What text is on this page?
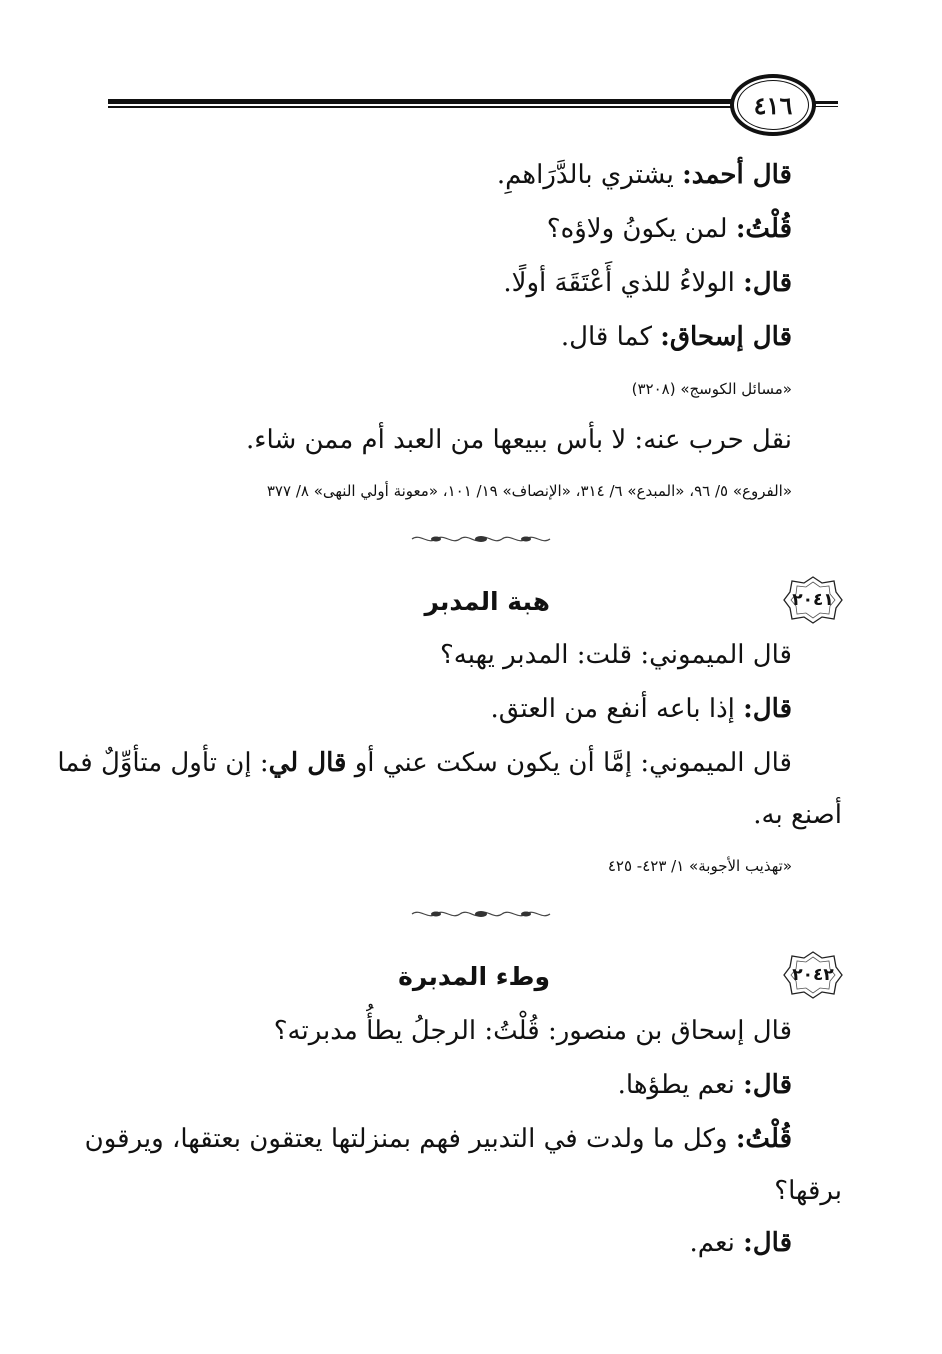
٤١٦
قال أحمد: يشتري بالدَّرَاهمِ.
قُلْتُ: لمن يكونُ ولاؤه؟
قال: الولاءُ للذي أَعْتَقَهَ أولًا.
قال إسحاق: كما قال.
«مسائل الكوسج» (٣٢٠٨)
نقل حرب عنه: لا بأس ببيعها من العبد أم ممن شاء.
«الفروع» ٥/ ٩٦، «المبدع» ٦/ ٣١٤، «الإنصاف» ١٩/ ١٠١، «معونة أولي النهى» ٨/ ٣٧٧
٢٠٤١
هبة المدبر
قال الميموني: قلت: المدبر يهبه؟
قال: إذا باعه أنفع من العتق.
قال الميموني: إمَّا أن يكون سكت عني أو قال لي: إن تأول متأوِّلٌ فما
أصنع به.
«تهذيب الأجوبة» ١/ ٤٢٣- ٤٢٥
٢٠٤٢
وطء المدبرة
قال إسحاق بن منصور: قُلْتُ: الرجلُ يطأُ مدبرته؟
قال: نعم يطؤها.
قُلْتُ: وكل ما ولدت في التدبير فهم بمنزلتها يعتقون بعتقها، ويرقون
برقها؟
قال: نعم.
